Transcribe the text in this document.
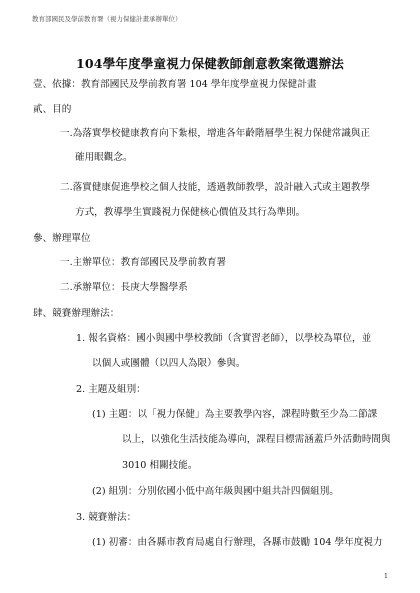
教育部國民及學前教育署（視力保健計畫承辦單位）
104學年度學童視力保健教師創意教案徵選辦法
壹、依據：教育部國民及學前教育署 104 學年度學童視力保健計畫
貳、目的
一.為落實學校健康教育向下紮根，增進各年齡階層學生視力保健常識與正
確用眼觀念。
二.落實健康促進學校之個人技能，透過教師教學，設計融入式或主題教學
方式，教導學生實踐視力保健核心價值及其行為準則。
參、辦理單位
一.主辦單位：教育部國民及學前教育署
二.承辦單位：長庚大學醫學系
肆、競賽辦理辦法：
1. 報名資格：國小與國中學校教師（含實習老師），以學校為單位，並
以個人或團體（以四人為限）參與。
2. 主題及組別：
(1) 主題：以「視力保健」為主要教學內容，課程時數至少為二節課
以上，以強化生活技能為導向，課程目標需涵蓋戶外活動時間與
3010 相關技能。
(2) 組別：分別依國小低中高年級與國中組共計四個組別。
3. 競賽辦法：
(1) 初審：由各縣市教育局處自行辦理，各縣市鼓勵 104 學年度視力
1
